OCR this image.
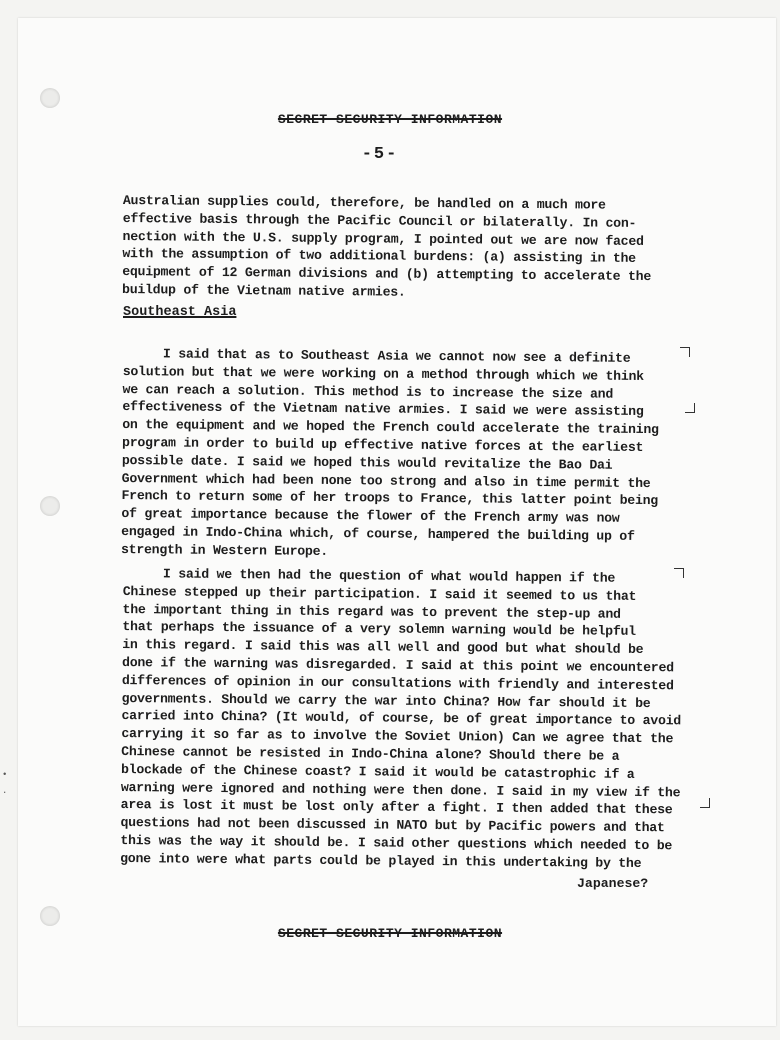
SECRET SECURITY INFORMATION
-5-

Australian supplies could, therefore, be handled on a much more
effective basis through the Pacific Council or bilaterally. In con-
nection with the U.S. supply program, I pointed out we are now faced
with the assumption of two additional burdens: (a) assisting in the
equipment of 12 German divisions and (b) attempting to accelerate the
buildup of the Vietnam native armies.

Southeast Asia

I said that as to Southeast Asia we cannot now see a definite
solution but that we were working on a method through which we think
we can reach a solution. This method is to increase the size and
effectiveness of the Vietnam native armies. I said we were assisting
on the equipment and we hoped the French could accelerate the training
program in order to build up effective native forces at the earliest
possible date. I said we hoped this would revitalize the Bao Dai
Government which had been none too strong and also in time permit the
French to return some of her troops to France, this latter point being
of great importance because the flower of the French army was now
engaged in Indo-China which, of course, hampered the building up of
strength in Western Europe.

I said we then had the question of what would happen if the
Chinese stepped up their participation. I said it seemed to us that
the important thing in this regard was to prevent the step-up and
that perhaps the issuance of a very solemn warning would be helpful
in this regard. I said this was all well and good but what should be
done if the warning was disregarded. I said at this point we encountered
differences of opinion in our consultations with friendly and interested
governments. Should we carry the war into China? How far should it be
carried into China? (It would, of course, be of great importance to avoid
carrying it so far as to involve the Soviet Union) Can we agree that the
Chinese cannot be resisted in Indo-China alone? Should there be a
blockade of the Chinese coast? I said it would be catastrophic if a
warning were ignored and nothing were then done. I said in my view if the
area is lost it must be lost only after a fight. I then added that these
questions had not been discussed in NATO but by Pacific powers and that
this was the way it should be. I said other questions which needed to be
gone into were what parts could be played in this undertaking by the

Japanese?
SECRET SECURITY INFORMATION
•
·
